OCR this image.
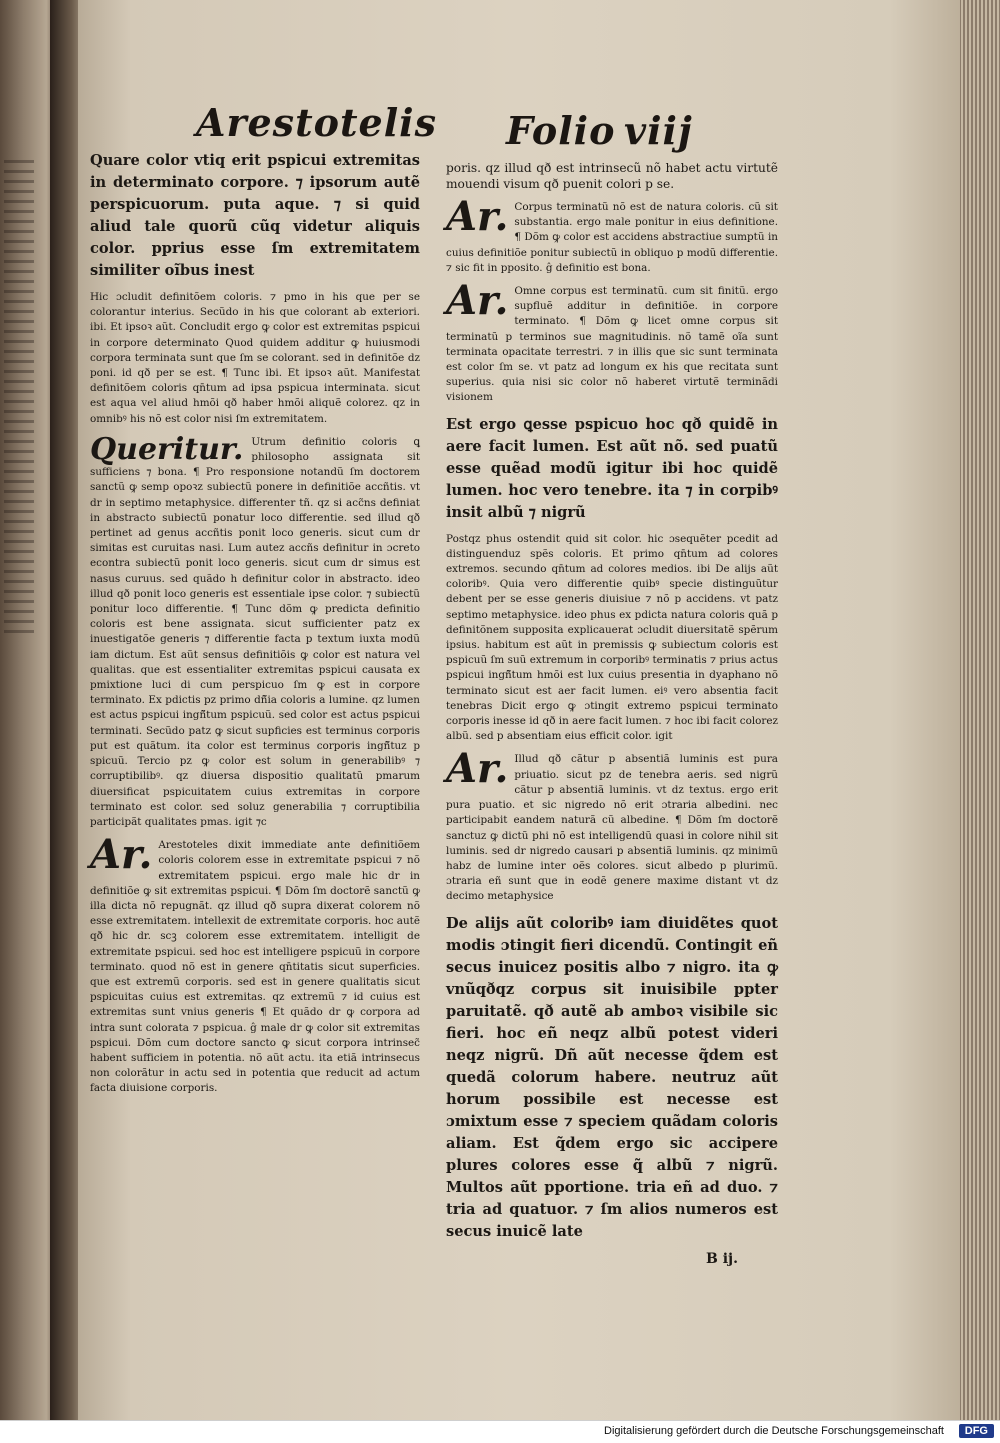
Arestotelis Folio viij

Quare color vtiq erit pspicui extremitas in determinato corpore. ⁊ ipsorum autẽ perspicuorum. puta aque. ⁊ si quid aliud tale quorũ cũq videtur aliquis color. pprius esse ſm extremitatem similiter oĩbus inest

Hic ɔcludit definitõem coloris. ⁊ pmo in his que per se colorantur interius. Secũdo in his que colorant ab exteriori. ibi. Et ipsoꝛ aũt. Concludit ergo ꝙ color est extremitas pspicui in corpore determinato Quod quidem additur ꝙ huiusmodi corpora terminata sunt que ſm se colorant. sed in definitõe dz poni. id qð per se est. ¶ Tunc ibi. Et ipsoꝛ aũt. Manifestat definitõem coloris qn̄tum ad ipsa pspicua interminata. sicut est aqua vel aliud hmõi qð haber hmõi aliquẽ colorez. qz in omnibꝰ his nõ est color nisi ſm extremitatem.

Queritur. Utrum definitio coloris ꝗ philosopho assignata sit sufficiens ⁊ bona. ¶ Pro responsione notandũ ſm doctorem sanctũ ꝙ semp opoꝛz subiectũ ponere in definitiõe accñtis. vt dr in septimo metaphysice. differenter tñ. qz si acc̃ns definiat in abstracto subiectũ ponatur loco differentie. sed illud qð pertinet ad genus accñtis ponit loco generis. sicut cum dr simitas est curuitas nasi. Lum autez accñs definitur in ɔcreto econtra subiectũ ponit loco generis. sicut cum dr simus est nasus curuus. sed quãdo h definitur color in abstracto. ideo illud qð ponit loco generis est essentiale ipse color. ⁊ subiectũ ponitur loco differentie. ¶ Tunc dõm ꝙ predicta definitio coloris est bene assignata. sicut sufficienter patz ex inuestigatõe generis ⁊ differentie facta p textum iuxta modũ iam dictum. Est aũt sensus definitiõis ꝙ color est natura vel qualitas. que est essentialiter extremitas pspicui causata ex pmixtione luci di cum perspicuo ſm ꝙ est in corpore terminato. Ex pdictis pz primo dñ̃ia coloris a lumine. qz lumen est actus pspicui ingñ̃tum pspicuũ. sed color est actus pspicui terminati. Secũdo patz ꝙ sicut supficies est terminus corporis put est quãtum. ita color est terminus corporis ingñ̃tuz p spicuũ. Tercio pz ꝙ color est solum in generabilibꝰ ⁊ corruptibilibꝰ. qz diuersa dispositio qualitatũ pmarum diuersificat pspicuitatem cuius extremitas in corpore terminato est color. sed soluz generabilia ⁊ corruptibilia participãt qualitates pmas. igit ⁊c
Ar. Arestoteles dixit immediate ante definitiõem coloris colorem esse in extremitate pspicui ⁊ nõ extremitatem pspicui. ergo male hic dr in definitiõe ꝙ sit extremitas pspicui. ¶ Dõm ſm doctorẽ sanctũ ꝙ illa dicta nõ repugnãt. qz illud qð supra dixerat colorem nõ esse extremitatem. intellexit de extremitate corporis. hoc autẽ qð hic dr. scꝫ colorem esse extremitatem. intelligit de extremitate pspicui. sed hoc est intelligere pspicuũ in corpore terminato. quod nõ est in genere qn̄titatis sicut superficies. que est extremũ corporis. sed est in genere qualitatis sicut pspicuitas cuius est extremitas. qz extremũ ⁊ id cuius est extremitas sunt vnius generis ¶ Et quãdo dr ꝙ corpora ad intra sunt colorata ⁊ pspicua. ĝ male dr ꝙ color sit extremitas pspicui. Dõm cum doctore sancto ꝙ sicut corpora intrinsec̃ habent sufficiem in potentia. nõ aũt actu. ita etiã intrinsecus non colorãtur in actu sed in potentia que reducit ad actum facta diuisione corporis.

poris. qz illud qð est intrinsecũ nõ habet actu virtutẽ mouendi visum qð puenit colori p se.

Ar. Corpus terminatũ nõ est de natura coloris. cũ sit substantia. ergo male ponitur in eius definitione. ¶ Dõm ꝙ color est accidens abstractiue sumptũ in cuius definitiõe ponitur subiectũ in obliquo p modũ differentie. ⁊ sic fit in pposito. ĝ definitio est bona.
Ar. Omne corpus est terminatũ. cum sit finitũ. ergo supfluẽ additur in definitiõe. in corpore terminato. ¶ Dõm ꝙ licet omne corpus sit terminatũ p terminos sue magnitudinis. nõ tamẽ oĩa sunt terminata opacitate terrestri. ⁊ in illis que sic sunt terminata est color ſm se. vt patz ad longum ex his que recitata sunt superius. quia nisi sic color nõ haberet virtutẽ terminãdi visionem

Est ergo ꝗesse pspicuo hoc qð quidẽ in aere facit lumen. Est aũt nõ. sed puatũ esse quẽad modũ igitur ibi hoc quidẽ lumen. hoc vero tenebre. ita ⁊ in corpibꝰ insit albũ ⁊ nigrũ

Postqz phus ostendit quid sit color. hic ɔsequẽter pcedit ad distinguenduz spẽs coloris. Et primo qn̄tum ad colores extremos. secundo qn̄tum ad colores medios. ibi De alijs aũt coloribꝰ. Quia vero differentie quibꝰ specie distinguũtur debent per se esse generis diuisiue ⁊ nõ p accidens. vt patz septimo metaphysice. ideo phus ex pdicta natura coloris quã p definitõnem supposita explicauerat ɔcludit diuersitatẽ spẽrum ipsius. habitum est aũt in premissis ꝙ subiectum coloris est pspicuũ ſm suũ extremum in corporibꝰ terminatis ⁊ prius actus pspicui ingñ̃tum hmõi est lux cuius presentia in dyaphano nõ terminato sicut est aer facit lumen. eiꝰ vero absentia facit tenebras Dicit ergo ꝙ ɔtingit extremo pspicui terminato corporis inesse id qð in aere facit lumen. ⁊ hoc ibi facit colorez albũ. sed p absentiam eius efficit color. igit

Ar. Illud qð cãtur p absentiã luminis est pura priuatio. sicut pz de tenebra aeris. sed nigrũ cãtur p absentiã luminis. vt dz textus. ergo erit pura puatio. et sic nigredo nõ erit ɔtraria albedini. nec participabit eandem naturã cũ albedine. ¶ Dõm ſm doctorẽ sanctuz ꝙ dictũ phi nõ est intelligendũ quasi in colore nihil sit luminis. sed dr nigredo causari p absentiã luminis. qz minimũ habz de lumine inter oẽs colores. sicut albedo p plurimũ. ɔtraria eñ sunt que in eodẽ genere maxime distant vt dz decimo metaphysice

De alijs aũt coloribꝰ iam diuidẽtes quot modis ɔtingit fieri dicendũ. Contingit eñ secus inuicez positis albo ⁊ nigro. ita ꝙ vnũqðqz corpus sit inuisibile ppter paruitatẽ. qð autẽ ab amboꝛ visibile sic fieri. hoc eñ neqz albũ potest videri neqz nigrũ. Dñ aũt necesse q̃dem est quedã colorum habere. neutruz aũt horum possibile est necesse est ɔmixtum esse ⁊ speciem quãdam coloris aliam. Est q̃dem ergo sic accipere plures colores esse q̃ albũ ⁊ nigrũ. Multos aũt pportione. tria eñ ad duo. ⁊ tria ad quatuor. ⁊ ſm alios numeros est secus inuicẽ late

B ij.

Digitalisierung gefördert durch die Deutsche Forschungsgemeinschaft	DFG
